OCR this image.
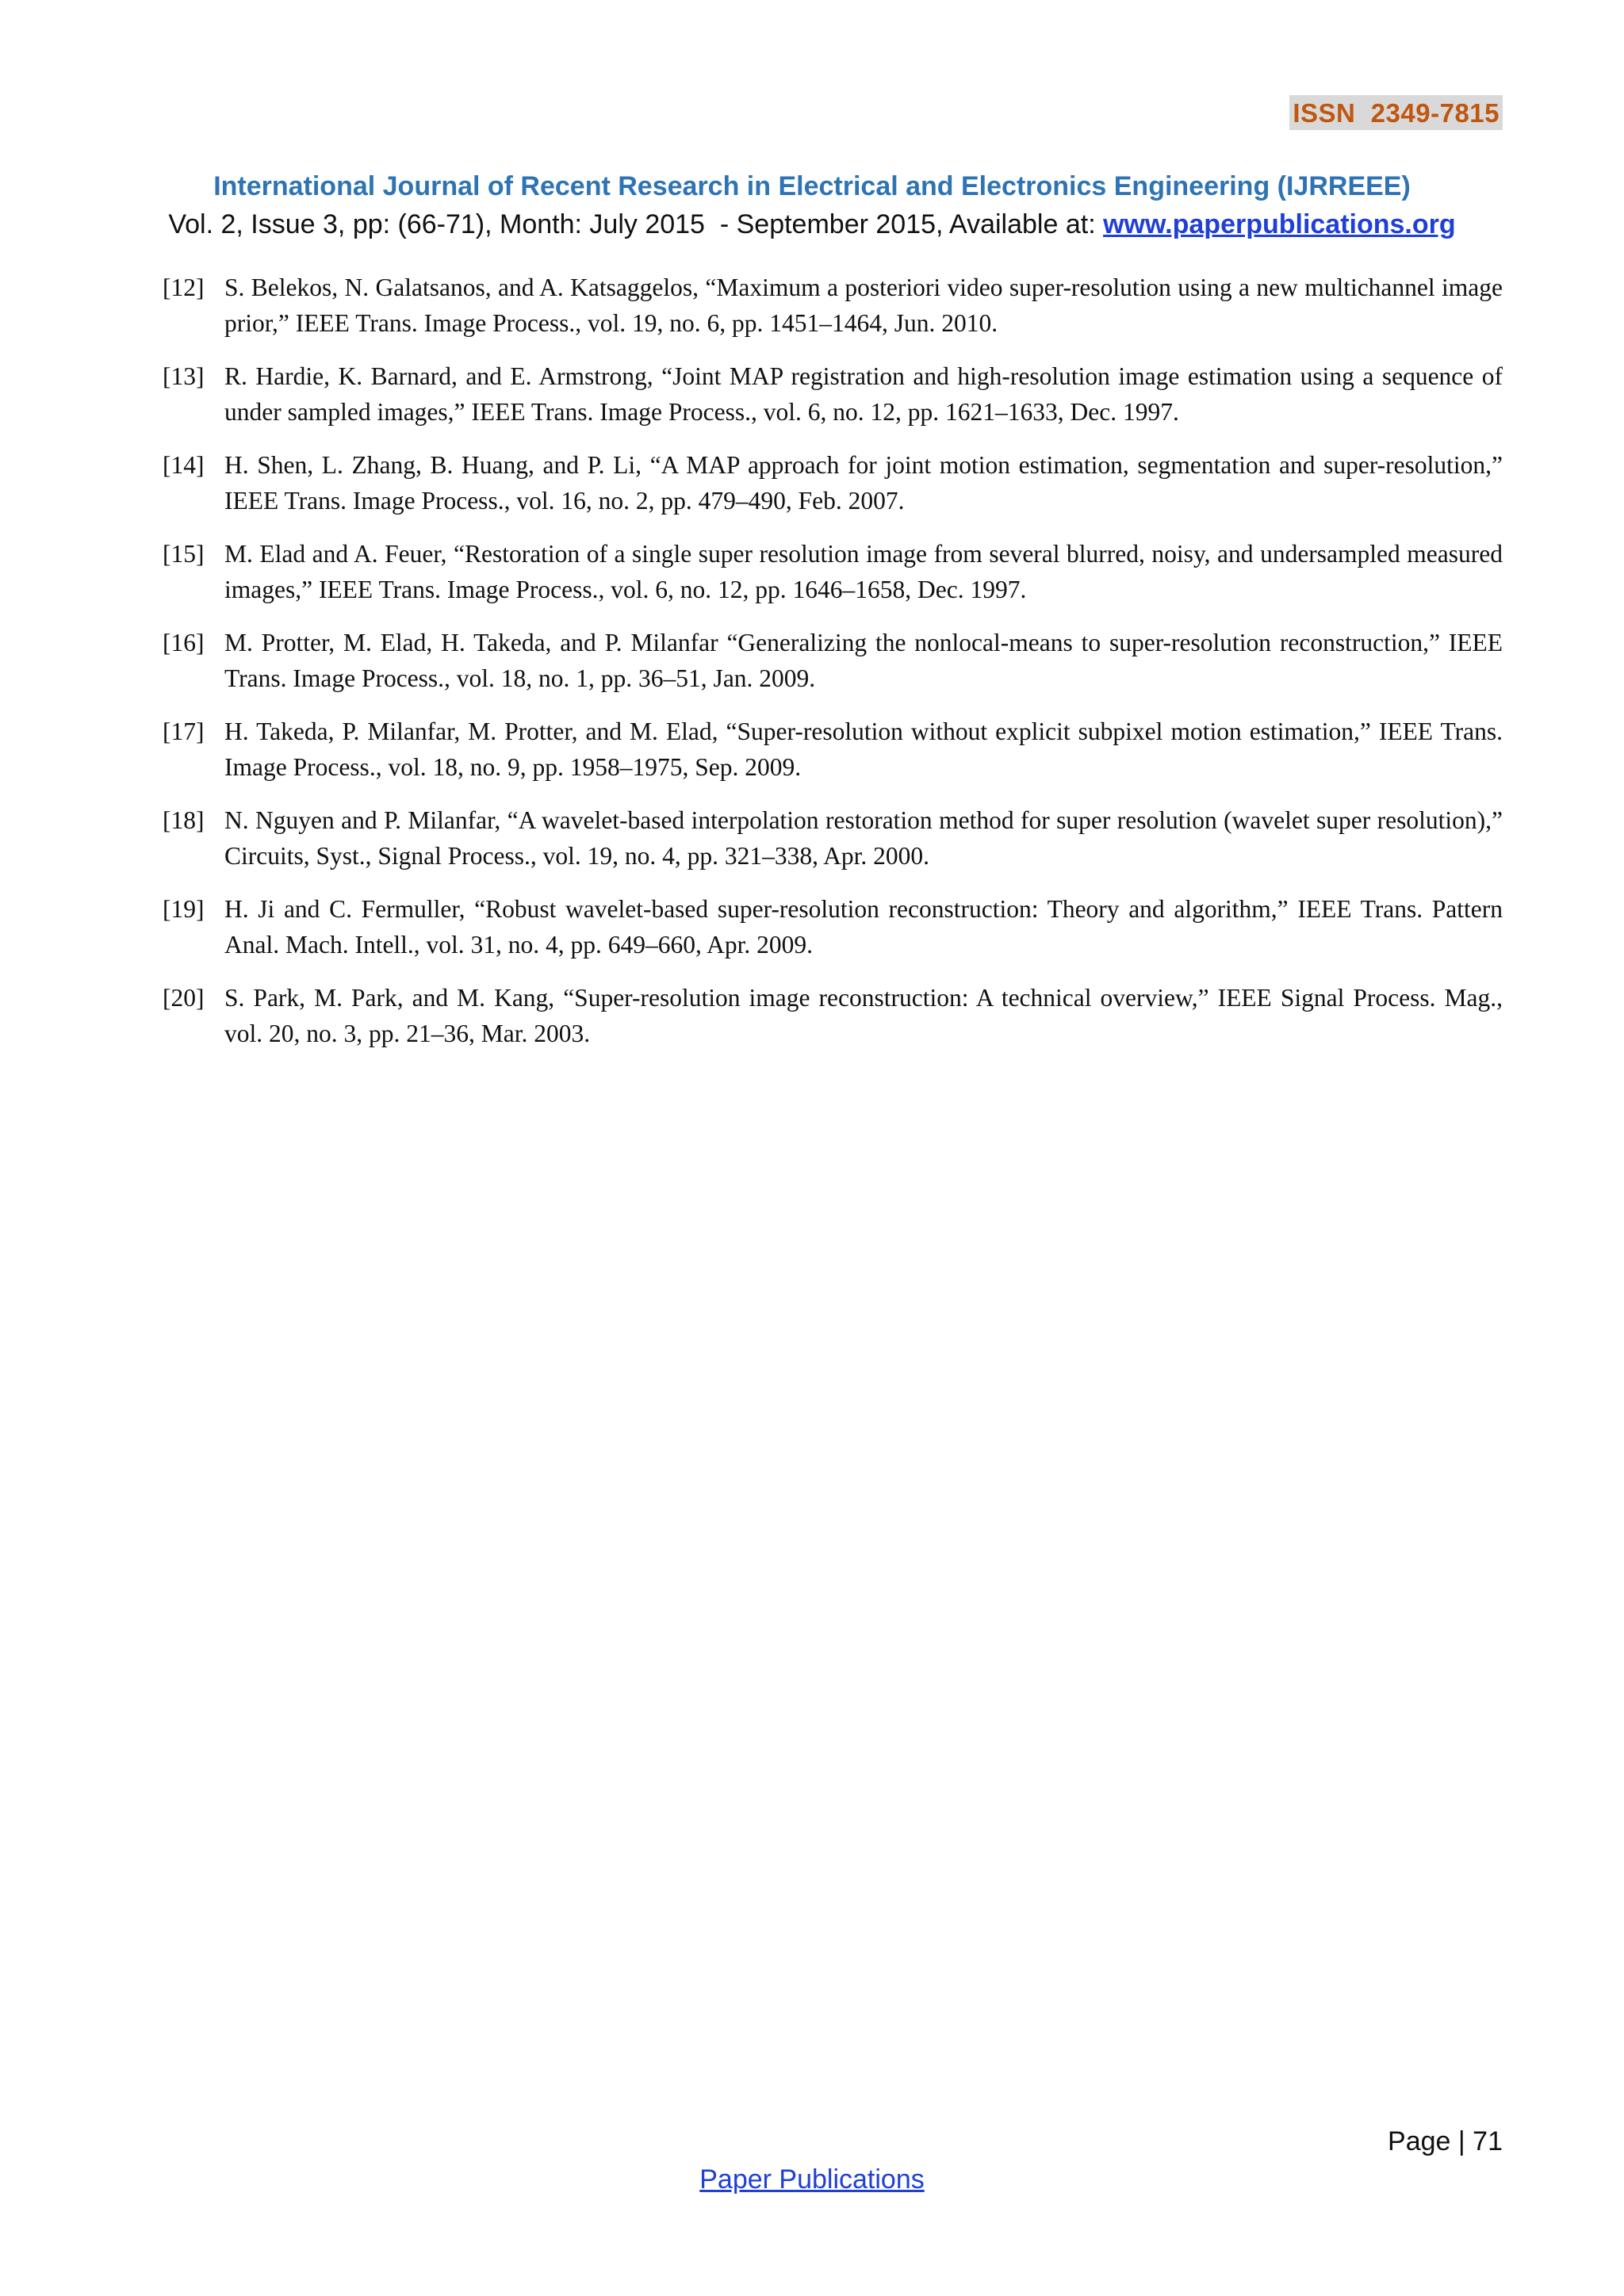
ISSN  2349-7815
International Journal of Recent Research in Electrical and Electronics Engineering (IJRREEE)
Vol. 2, Issue 3, pp: (66-71), Month: July 2015  - September 2015, Available at: www.paperpublications.org
[12] S. Belekos, N. Galatsanos, and A. Katsaggelos, “Maximum a posteriori video super-resolution using a new multichannel image prior,” IEEE Trans. Image Process., vol. 19, no. 6, pp. 1451–1464, Jun. 2010.
[13] R. Hardie, K. Barnard, and E. Armstrong, “Joint MAP registration and high-resolution image estimation using a sequence of under sampled images,” IEEE Trans. Image Process., vol. 6, no. 12, pp. 1621–1633, Dec. 1997.
[14] H. Shen, L. Zhang, B. Huang, and P. Li, “A MAP approach for joint motion estimation, segmentation and super-resolution,” IEEE Trans. Image Process., vol. 16, no. 2, pp. 479–490, Feb. 2007.
[15] M. Elad and A. Feuer, “Restoration of a single super resolution image from several blurred, noisy, and undersampled measured images,” IEEE Trans. Image Process., vol. 6, no. 12, pp. 1646–1658, Dec. 1997.
[16] M. Protter, M. Elad, H. Takeda, and P. Milanfar “Generalizing the nonlocal-means to super-resolution reconstruction,” IEEE Trans. Image Process., vol. 18, no. 1, pp. 36–51, Jan. 2009.
[17] H. Takeda, P. Milanfar, M. Protter, and M. Elad, “Super-resolution without explicit subpixel motion estimation,” IEEE Trans. Image Process., vol. 18, no. 9, pp. 1958–1975, Sep. 2009.
[18] N. Nguyen and P. Milanfar, “A wavelet-based interpolation restoration method for super resolution (wavelet super resolution),” Circuits, Syst., Signal Process., vol. 19, no. 4, pp. 321–338, Apr. 2000.
[19] H. Ji and C. Fermuller, “Robust wavelet-based super-resolution reconstruction: Theory and algorithm,” IEEE Trans. Pattern Anal. Mach. Intell., vol. 31, no. 4, pp. 649–660, Apr. 2009.
[20] S. Park, M. Park, and M. Kang, “Super-resolution image reconstruction: A technical overview,” IEEE Signal Process. Mag., vol. 20, no. 3, pp. 21–36, Mar. 2003.
Page | 71
Paper Publications
